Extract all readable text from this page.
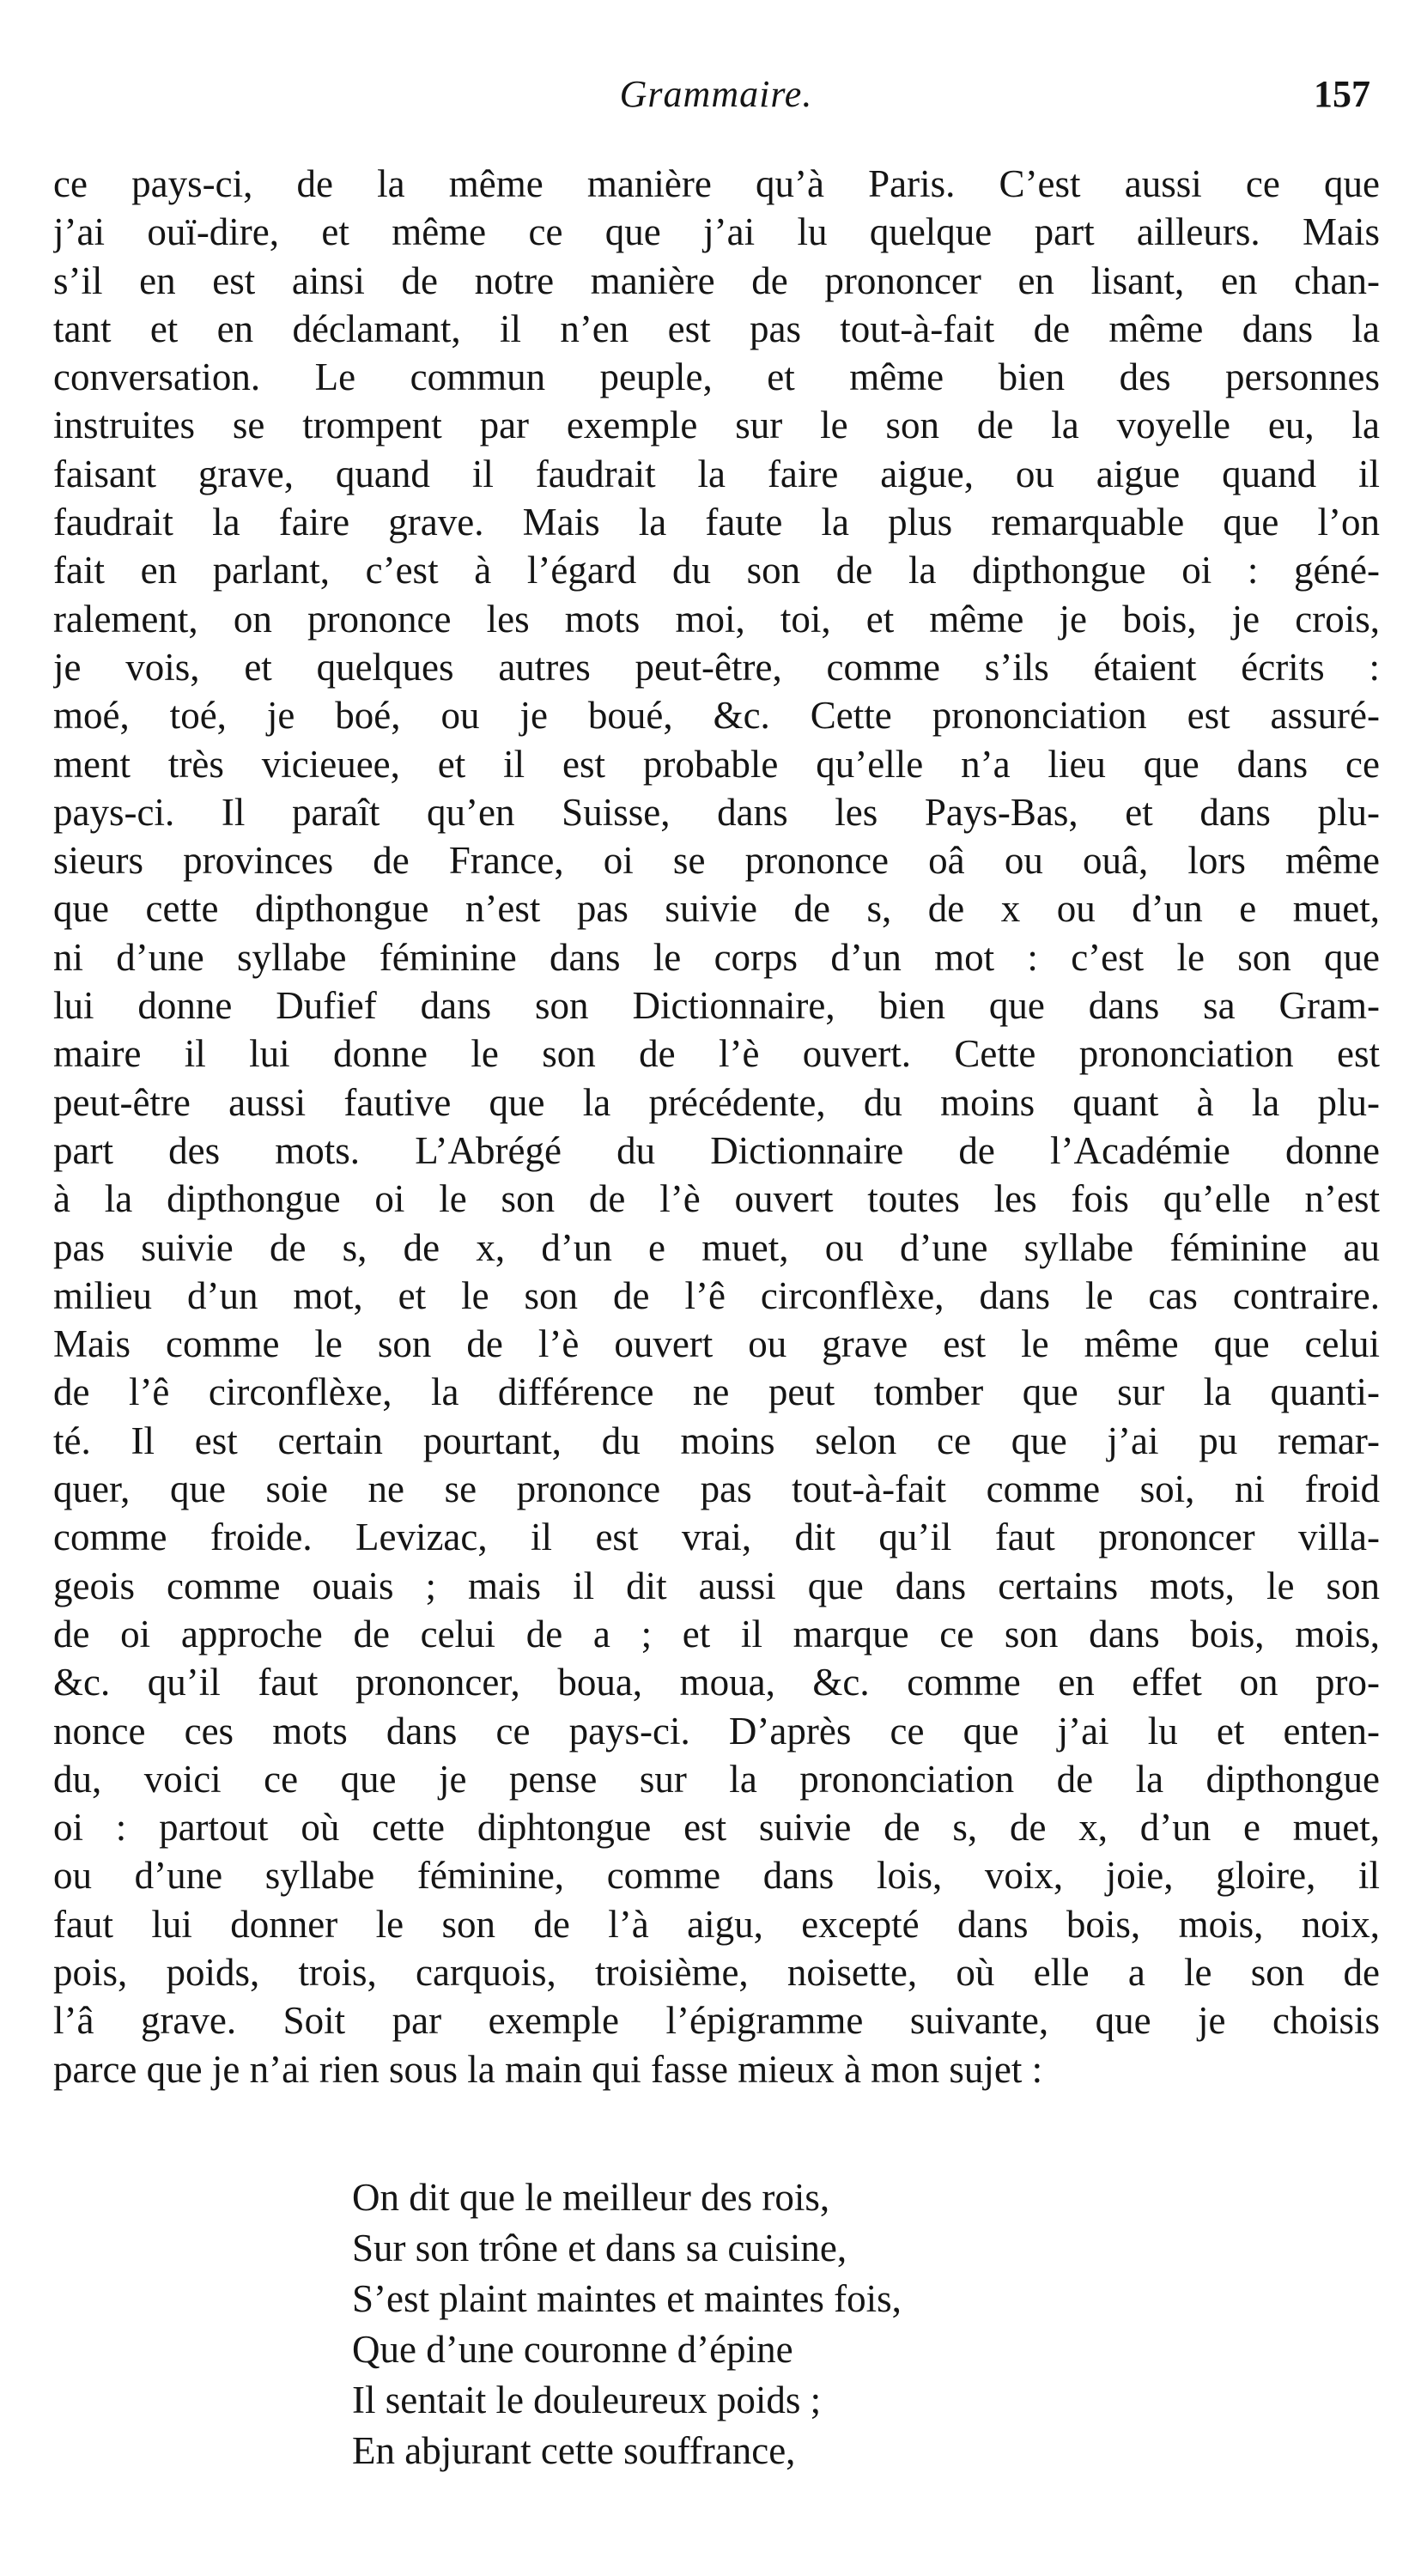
Grammaire.	157
ce pays-ci, de la même manière qu’à Paris. C’est aussi ce que
j’ai ouï-dire, et même ce que j’ai lu quelque part ailleurs. Mais
s’il en est ainsi de notre manière de prononcer en lisant, en chan-
tant et en déclamant, il n’en est pas tout-à-fait de même dans la
conversation. Le commun peuple, et même bien des personnes
instruites se trompent par exemple sur le son de la voyelle eu, la
faisant grave, quand il faudrait la faire aigue, ou aigue quand il
faudrait la faire grave. Mais la faute la plus remarquable que l’on
fait en parlant, c’est à l’égard du son de la dipthongue oi : géné-
ralement, on prononce les mots moi, toi, et même je bois, je crois,
je vois, et quelques autres peut-être, comme s’ils étaient écrits :
moé, toé, je boé, ou je boué, &c. Cette prononciation est assuré-
ment très vicieuee, et il est probable qu’elle n’a lieu que dans ce
pays-ci. Il paraît qu’en Suisse, dans les Pays-Bas, et dans plu-
sieurs provinces de France, oi se prononce oâ ou ouâ, lors même
que cette dipthongue n’est pas suivie de s, de x ou d’un e muet,
ni d’une syllabe féminine dans le corps d’un mot : c’est le son que
lui donne Dufief dans son Dictionnaire, bien que dans sa Gram-
maire il lui donne le son de l’è ouvert. Cette prononciation est
peut-être aussi fautive que la précédente, du moins quant à la plu-
part des mots. L’Abrégé du Dictionnaire de l’Académie donne
à la dipthongue oi le son de l’è ouvert toutes les fois qu’elle n’est
pas suivie de s, de x, d’un e muet, ou d’une syllabe féminine au
milieu d’un mot, et le son de l’ê circonflèxe, dans le cas contraire.
Mais comme le son de l’è ouvert ou grave est le même que celui
de l’ê circonflèxe, la différence ne peut tomber que sur la quanti-
té. Il est certain pourtant, du moins selon ce que j’ai pu remar-
quer, que soie ne se prononce pas tout-à-fait comme soi, ni froid
comme froide. Levizac, il est vrai, dit qu’il faut prononcer villa-
geois comme ouais ; mais il dit aussi que dans certains mots, le son
de oi approche de celui de a ; et il marque ce son dans bois, mois,
&c. qu’il faut prononcer, boua, moua, &c. comme en effet on pro-
nonce ces mots dans ce pays-ci. D’après ce que j’ai lu et enten-
du, voici ce que je pense sur la prononciation de la dipthongue
oi : partout où cette diphtongue est suivie de s, de x, d’un e muet,
ou d’une syllabe féminine, comme dans lois, voix, joie, gloire, il
faut lui donner le son de l’à aigu, excepté dans bois, mois, noix,
pois, poids, trois, carquois, troisième, noisette, où elle a le son de
l’â grave. Soit par exemple l’épigramme suivante, que je choisis
parce que je n’ai rien sous la main qui fasse mieux à mon sujet :
On dit que le meilleur des rois,
Sur son trône et dans sa cuisine,
S’est plaint maintes et maintes fois,
Que d’une couronne d’épine
Il sentait le douleureux poids ;
En abjurant cette souffrance,
